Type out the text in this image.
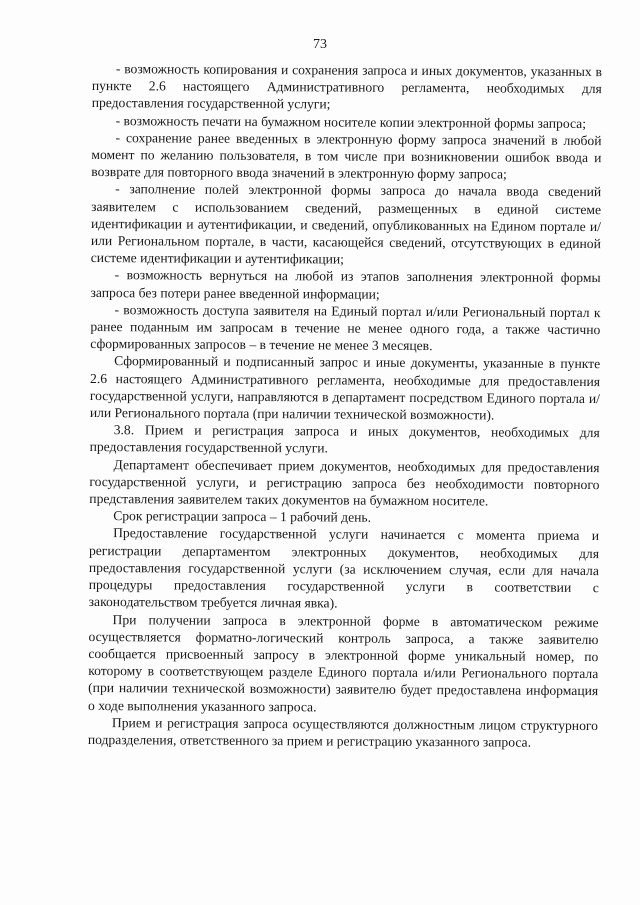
73

- возможность копирования и сохранения запроса и иных документов, указанных в пункте 2.6 настоящего Административного регламента, необходимых для предоставления государственной услуги;

- возможность печати на бумажном носителе копии электронной формы запроса;

- сохранение ранее введенных в электронную форму запроса значений в любой момент по желанию пользователя, в том числе при возникновении ошибок ввода и возврате для повторного ввода значений в электронную форму запроса;

- заполнение полей электронной формы запроса до начала ввода сведений заявителем с использованием сведений, размещенных в единой системе идентификации и аутентификации, и сведений, опубликованных на Едином портале и/или Региональном портале, в части, касающейся сведений, отсутствующих в единой системе идентификации и аутентификации;

- возможность вернуться на любой из этапов заполнения электронной формы запроса без потери ранее введенной информации;

- возможность доступа заявителя на Единый портал и/или Региональный портал к ранее поданным им запросам в течение не менее одного года, а также частично сформированных запросов – в течение не менее 3 месяцев.

Сформированный и подписанный запрос и иные документы, указанные в пункте 2.6 настоящего Административного регламента, необходимые для предоставления государственной услуги, направляются в департамент посредством Единого портала и/или Регионального портала (при наличии технической возможности).

3.8. Прием и регистрация запроса и иных документов, необходимых для предоставления государственной услуги.

Департамент обеспечивает прием документов, необходимых для предоставления государственной услуги, и регистрацию запроса без необходимости повторного представления заявителем таких документов на бумажном носителе.

Срок регистрации запроса – 1 рабочий день.

Предоставление государственной услуги начинается с момента приема и регистрации департаментом электронных документов, необходимых для предоставления государственной услуги (за исключением случая, если для начала процедуры предоставления государственной услуги в соответствии с законодательством требуется личная явка).

При получении запроса в электронной форме в автоматическом режиме осуществляется форматно-логический контроль запроса, а также заявителю сообщается присвоенный запросу в электронной форме уникальный номер, по которому в соответствующем разделе Единого портала и/или Регионального портала (при наличии технической возможности) заявителю будет предоставлена информация о ходе выполнения указанного запроса.

Прием и регистрация запроса осуществляются должностным лицом структурного подразделения, ответственного за прием и регистрацию указанного запроса.
